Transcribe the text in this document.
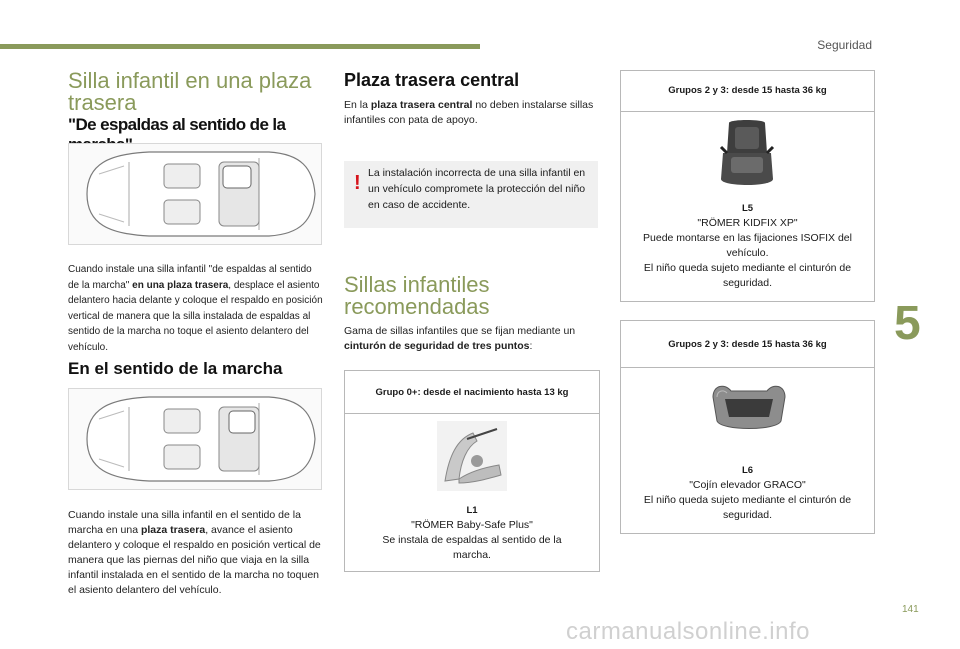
Seguridad
5
141
carmanualsonline.info
Silla infantil en una plaza trasera
"De espaldas al sentido de la
Cuando instale una silla infantil "de espaldas al sentido de la marcha" en una plaza trasera, desplace el asiento delantero hacia delante y coloque el respaldo en posición vertical de manera que la silla instalada de espaldas al sentido de la marcha no toque el asiento delantero del vehículo.
En el sentido de la marcha
Cuando instale una silla infantil en el sentido de la marcha en una plaza trasera, avance el asiento delantero y coloque el respaldo en posición vertical de manera que las piernas del niño que viaja en la silla infantil instalada en el sentido de la marcha no toquen el asiento delantero del vehículo.
Plaza trasera central
En la plaza trasera central no deben instalarse sillas infantiles con pata de apoyo.
! La instalación incorrecta de una silla infantil en un vehículo compromete la protección del niño en caso de accidente.
Sillas infantiles recomendadas
Gama de sillas infantiles que se fijan mediante un cinturón de seguridad de tres puntos:
Grupo 0+: desde el nacimiento hasta 13 kg
L1
"RÖMER Baby-Safe Plus"
Se instala de espaldas al sentido de la marcha.
Grupos 2 y 3: desde 15 hasta 36 kg
L5
"RÖMER KIDFIX XP"
Puede montarse en las fijaciones ISOFIX del vehículo.
El niño queda sujeto mediante el cinturón de seguridad.
Grupos 2 y 3: desde 15 hasta 36 kg
L6
"Cojín elevador GRACO"
El niño queda sujeto mediante el cinturón de seguridad.
